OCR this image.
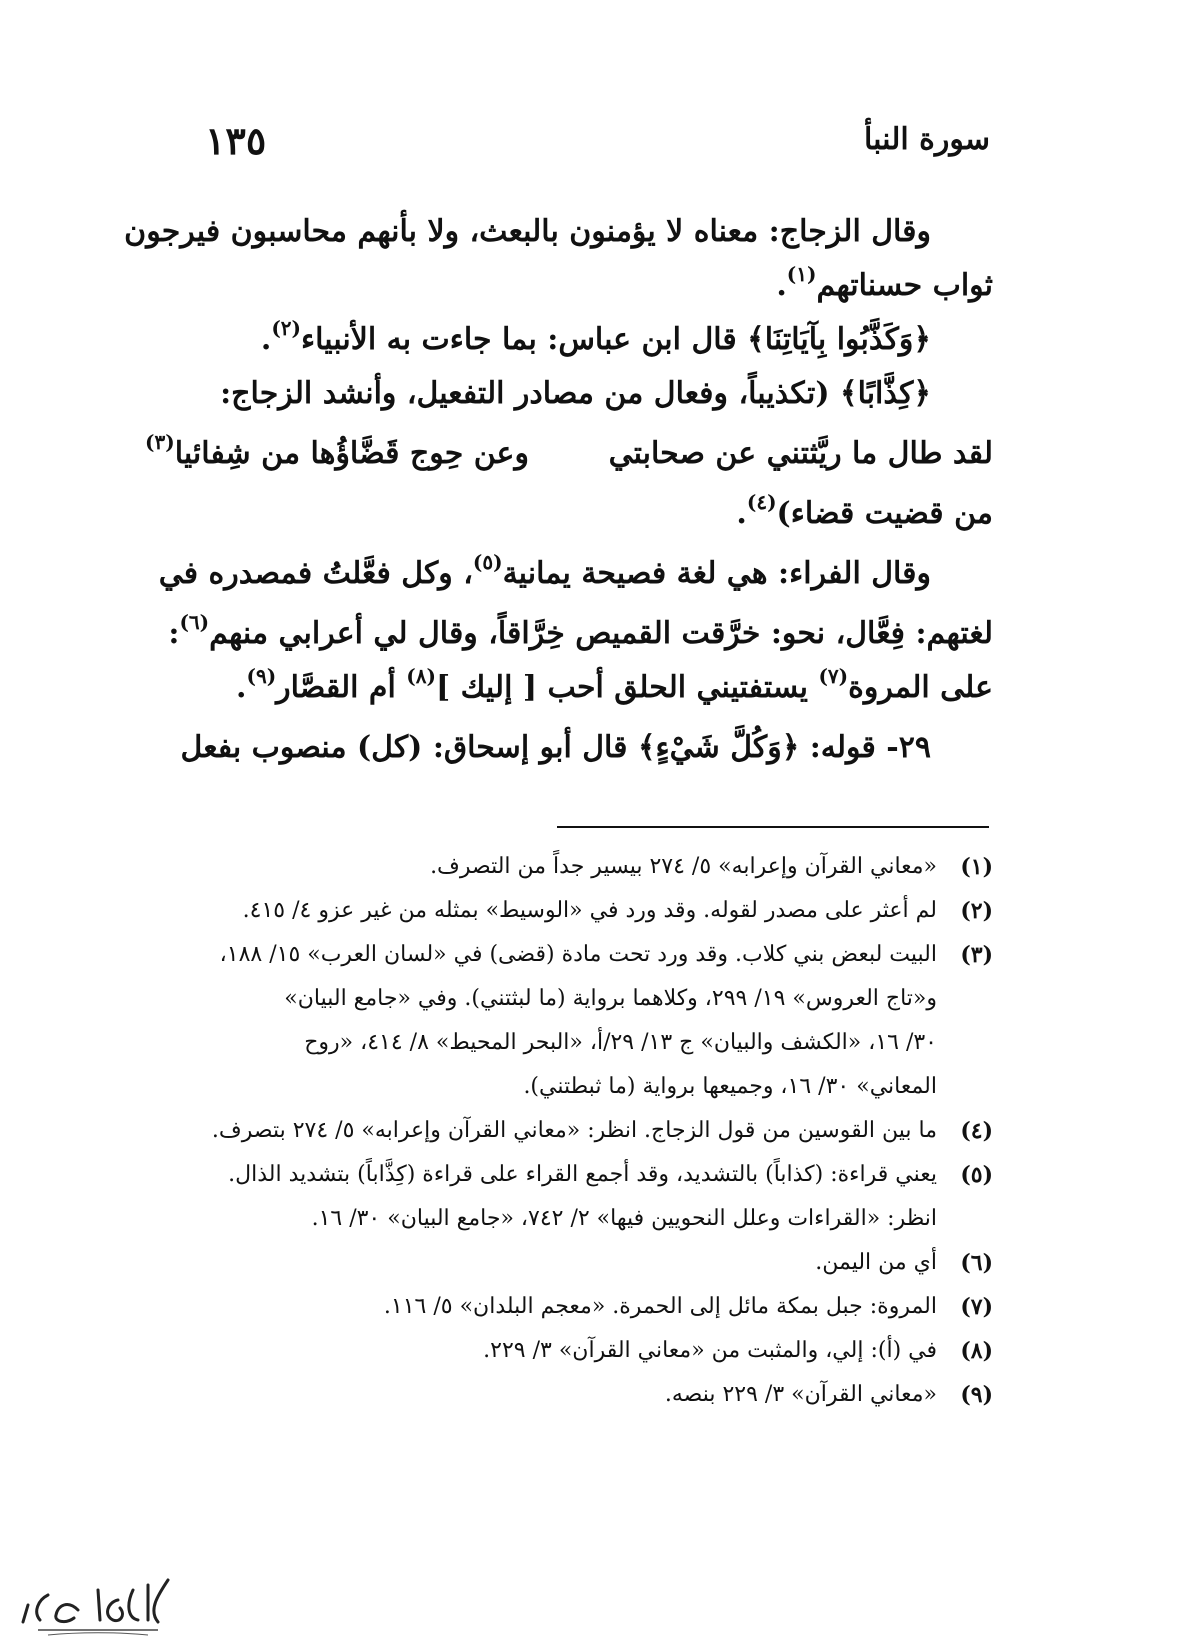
سورة النبأ
١٣٥
وقال الزجاج: معناه لا يؤمنون بالبعث، ولا بأنهم محاسبون فيرجون
ثواب حسناتهم$^{(١)}$.
﴿وَكَذَّبُوا بِآيَاتِنَا﴾ قال ابن عباس: بما جاءت به الأنبياء$^{(٢)}$.
﴿كِذَّابًا﴾ (تكذيباً، وفعال من مصادر التفعيل، وأنشد الزجاج:
لقد طال ما ريَّثتني عن صحابتي
وعن حِوج قَضَّاؤُها من شِفائيا$^{(٣)}$
من قضيت قضاء)$^{(٤)}$.
وقال الفراء: هي لغة فصيحة يمانية$^{(٥)}$، وكل فعَّلتُ فمصدره في
لغتهم: فِعَّال، نحو: خرَّقت القميص خِرَّاقاً، وقال لي أعرابي منهم$^{(٦)}$:
على المروة$^{(٧)}$ يستفتيني الحلق أحب [ إليك ]$^{(٨)}$ أم القصَّار$^{(٩)}$.
٢٩- قوله: ﴿وَكُلَّ شَيْءٍ﴾ قال أبو إسحاق: (كل) منصوب بفعل
(١)
«معاني القرآن وإعرابه» ٥/ ٢٧٤ بيسير جداً من التصرف.
(٢)
لم أعثر على مصدر لقوله. وقد ورد في «الوسيط» بمثله من غير عزو ٤/ ٤١٥.
(٣)
البيت لبعض بني كلاب. وقد ورد تحت مادة (قضى) في «لسان العرب» ١٥/ ١٨٨،
و«تاج العروس» ١٩/ ٢٩٩، وكلاهما برواية (ما لبثتني). وفي «جامع البيان»
٣٠/ ١٦، «الكشف والبيان» ج ١٣/ ٢٩/أ، «البحر المحيط» ٨/ ٤١٤، «روح
المعاني» ٣٠/ ١٦، وجميعها برواية (ما ثبطتني).
(٤)
ما بين القوسين من قول الزجاج. انظر: «معاني القرآن وإعرابه» ٥/ ٢٧٤ بتصرف.
(٥)
يعني قراءة: (كذاباً) بالتشديد، وقد أجمع القراء على قراءة (كِذَّاباً) بتشديد الذال.
انظر: «القراءات وعلل النحويين فيها» ٢/ ٧٤٢، «جامع البيان» ٣٠/ ١٦.
(٦)
أي من اليمن.
(٧)
المروة: جبل بمكة مائل إلى الحمرة. «معجم البلدان» ٥/ ١١٦.
(٨)
في (أ): إلي، والمثبت من «معاني القرآن» ٣/ ٢٢٩.
(٩)
«معاني القرآن» ٣/ ٢٢٩ بنصه.
